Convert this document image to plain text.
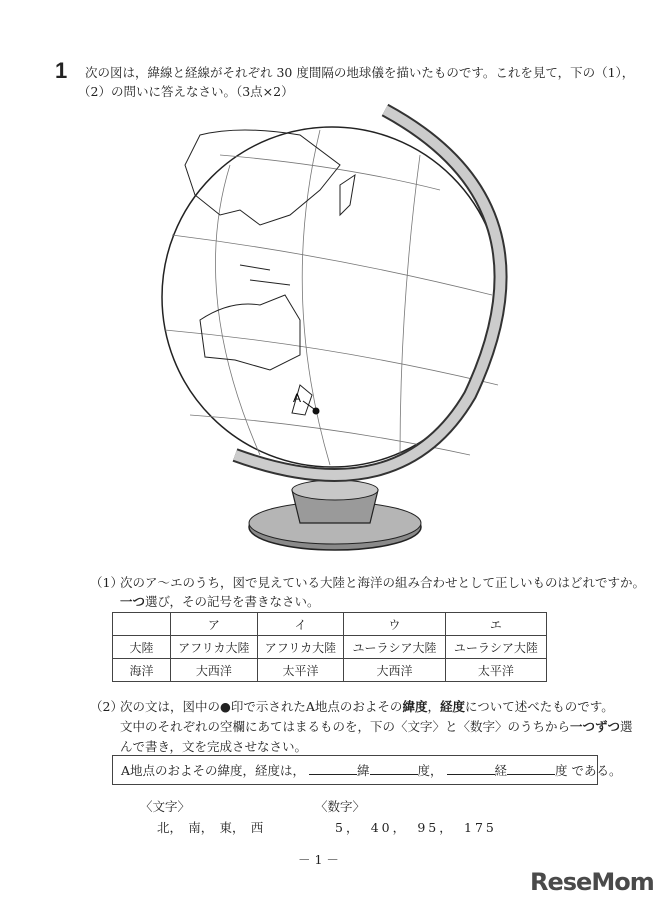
1 次の図は，緯線と経線がそれぞれ 30 度間隔の地球儀を描いたものです。これを見て，下の（1），
（2）の問いに答えなさい。（3点×2）
A
（1）
次のア～エのうち，図で見えている大陸と海洋の組み合わせとして正しいものはどれですか。
一つ選び，その記号を書きなさい。
	ア	イ	ウ	エ
大陸	アフリカ大陸	アフリカ大陸	ユーラシア大陸	ユーラシア大陸
海洋	大西洋	太平洋	大西洋	太平洋
（2）
次の文は，図中の●印で示されたA地点のおよその緯度，経度について述べたものです。
文中のそれぞれの空欄にあてはまるものを，下の〈文字〉と〈数字〉のうちから一つずつ選
んで書き，文を完成させなさい。
A地点のおよその緯度，経度は，	緯	度，	経	度 である。
〈文字〉
北，　南，　東，　西
〈数字〉
5，　40，　95，　175
－ 1 －
ReseMom
